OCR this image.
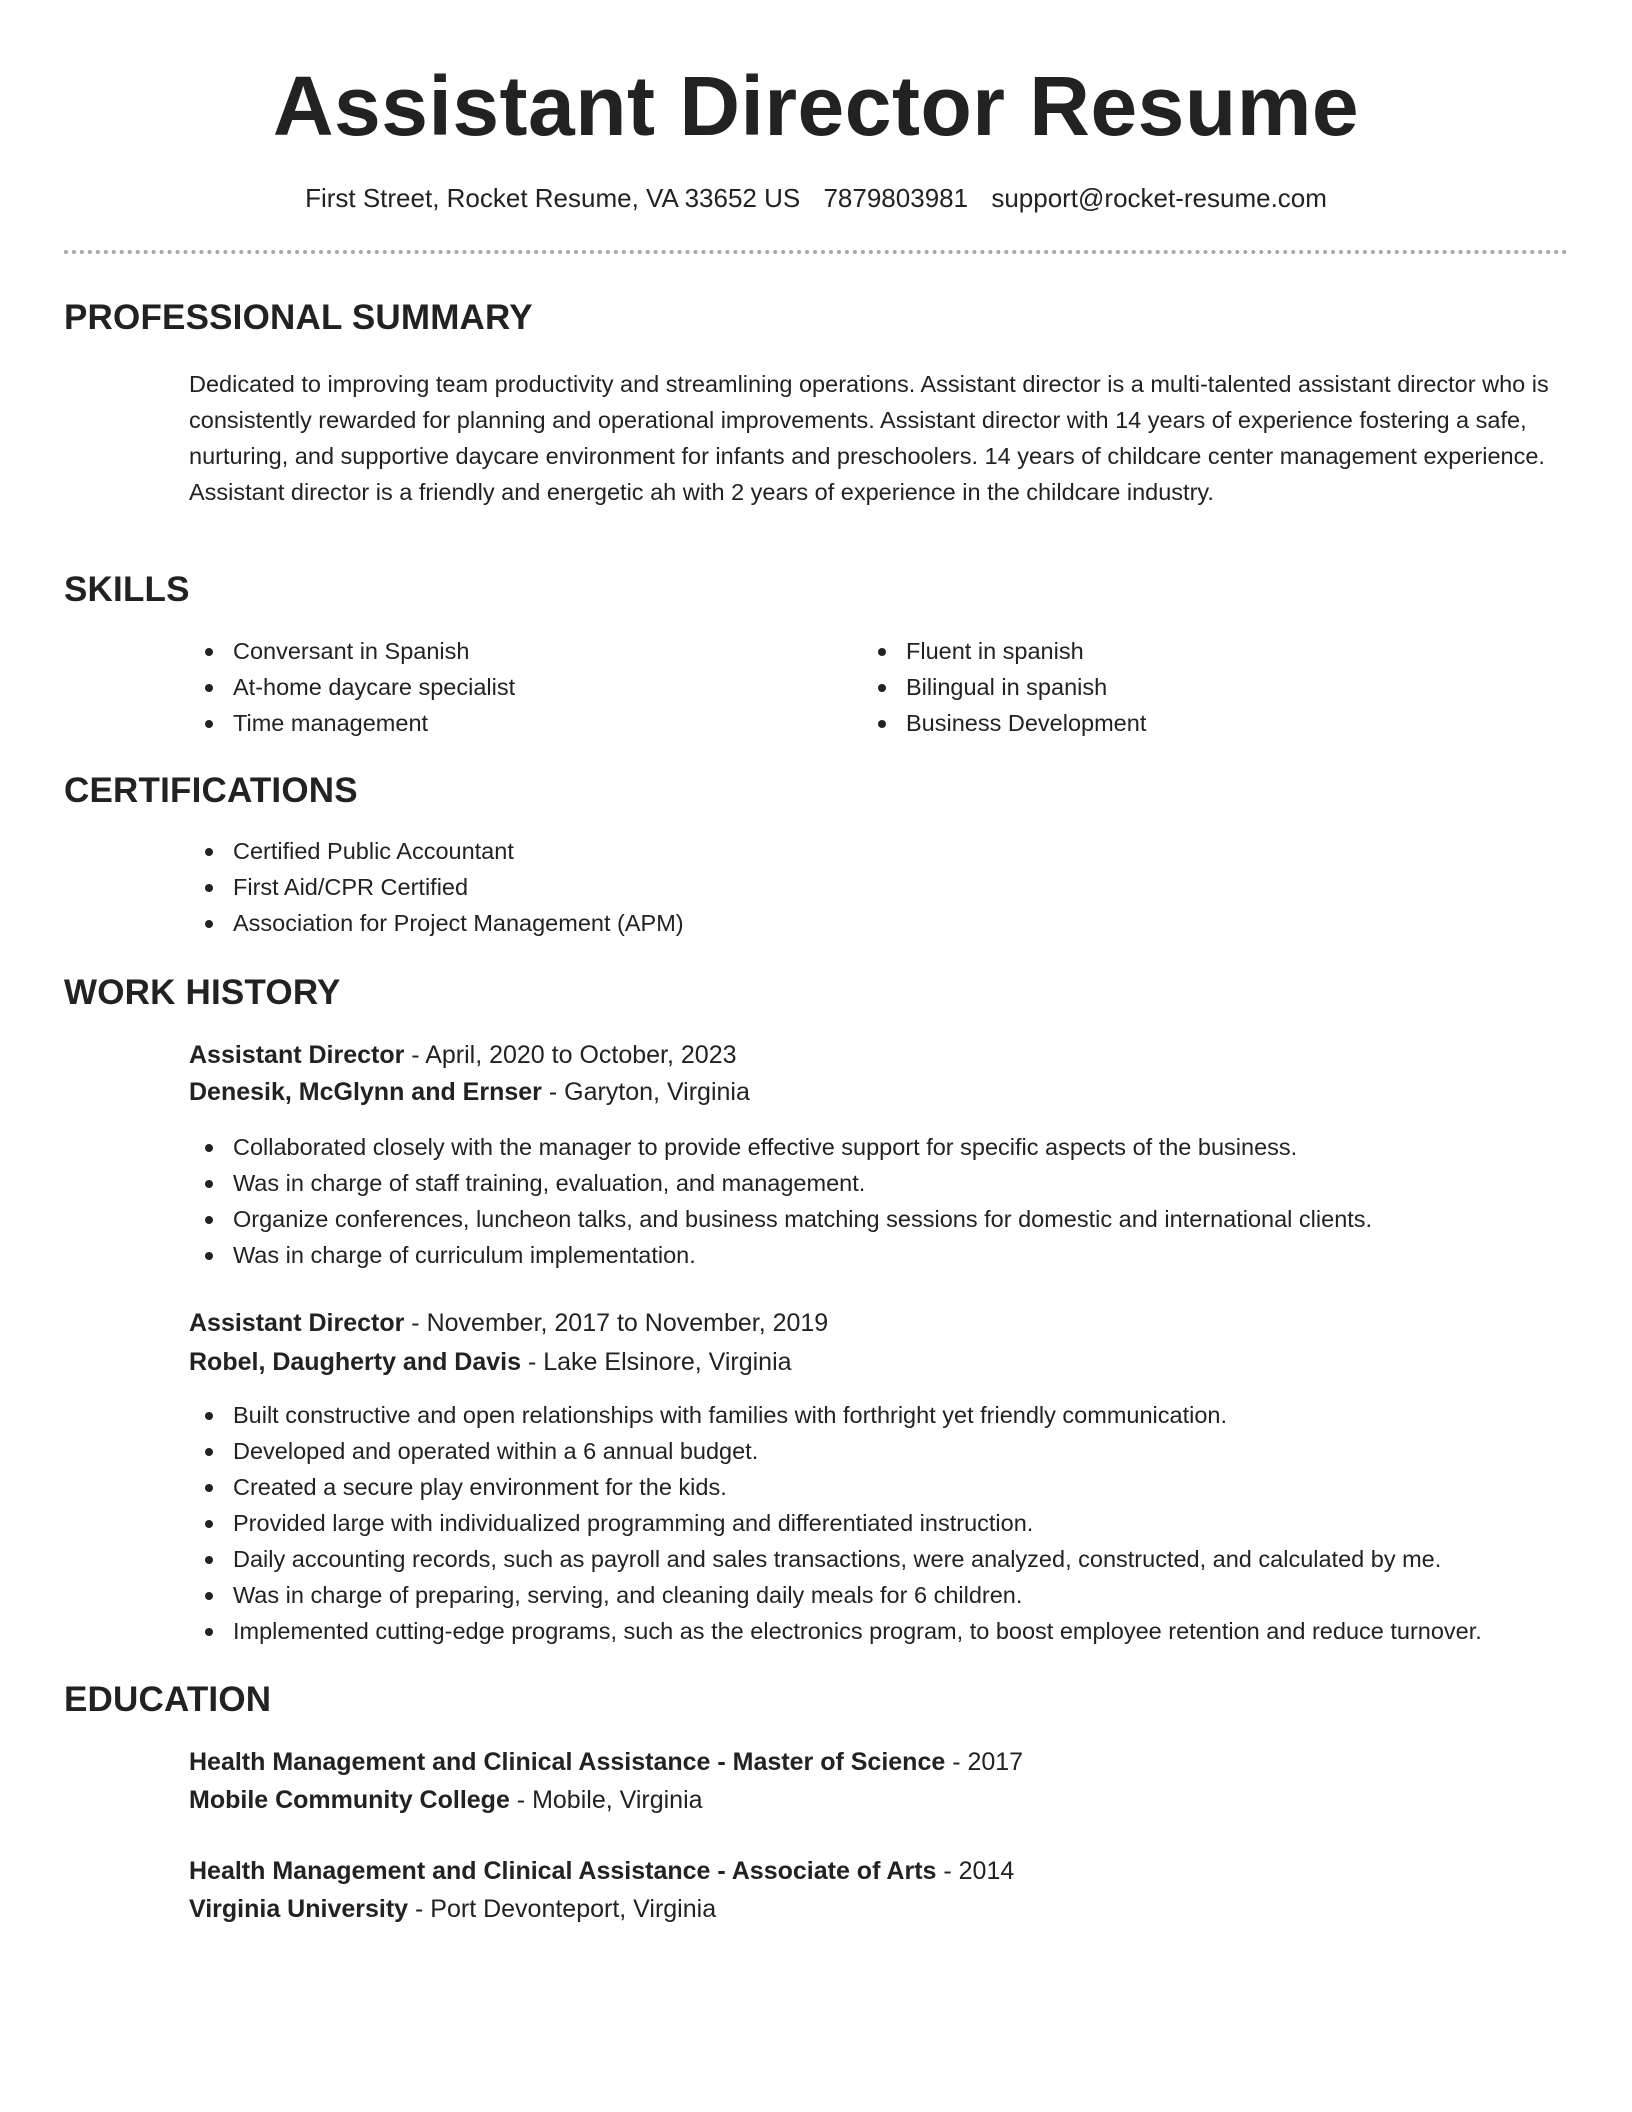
Assistant Director Resume
First Street, Rocket Resume, VA 33652 US 7879803981 support@rocket-resume.com
PROFESSIONAL SUMMARY
Dedicated to improving team productivity and streamlining operations. Assistant director is a multi-talented assistant director who is consistently rewarded for planning and operational improvements. Assistant director with 14 years of experience fostering a safe, nurturing, and supportive daycare environment for infants and preschoolers. 14 years of childcare center management experience. Assistant director is a friendly and energetic ah with 2 years of experience in the childcare industry.
SKILLS
Conversant in Spanish
At-home daycare specialist
Time management
Fluent in spanish
Bilingual in spanish
Business Development
CERTIFICATIONS
Certified Public Accountant
First Aid/CPR Certified
Association for Project Management (APM)
WORK HISTORY
Assistant Director - April, 2020 to October, 2023
Denesik, McGlynn and Ernser - Garyton, Virginia
Collaborated closely with the manager to provide effective support for specific aspects of the business.
Was in charge of staff training, evaluation, and management.
Organize conferences, luncheon talks, and business matching sessions for domestic and international clients.
Was in charge of curriculum implementation.
Assistant Director - November, 2017 to November, 2019
Robel, Daugherty and Davis - Lake Elsinore, Virginia
Built constructive and open relationships with families with forthright yet friendly communication.
Developed and operated within a 6 annual budget.
Created a secure play environment for the kids.
Provided large with individualized programming and differentiated instruction.
Daily accounting records, such as payroll and sales transactions, were analyzed, constructed, and calculated by me.
Was in charge of preparing, serving, and cleaning daily meals for 6 children.
Implemented cutting-edge programs, such as the electronics program, to boost employee retention and reduce turnover.
EDUCATION
Health Management and Clinical Assistance - Master of Science - 2017
Mobile Community College - Mobile, Virginia
Health Management and Clinical Assistance - Associate of Arts - 2014
Virginia University - Port Devonteport, Virginia
